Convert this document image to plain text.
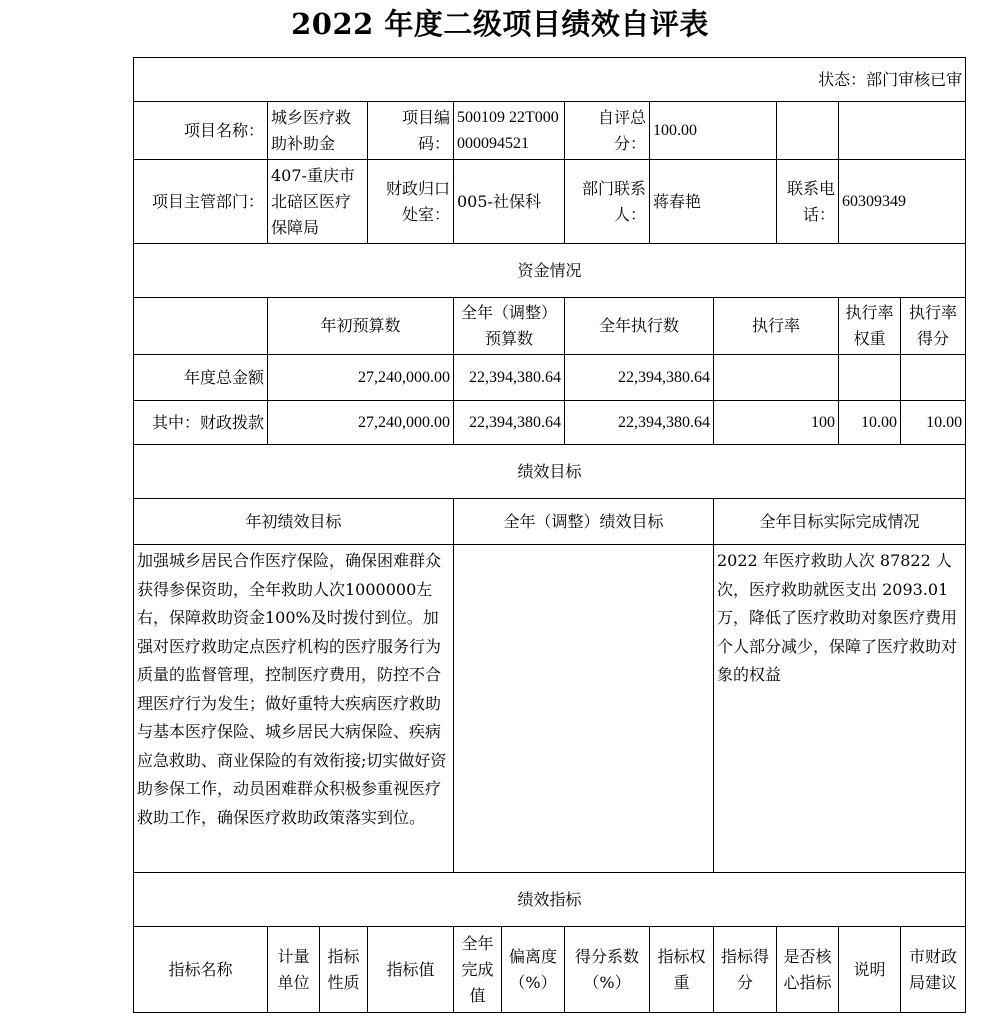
2022 年度二级项目绩效自评表
状态：部门审核已审											
项目名称：	城乡医疗救助补助金		项目编码：	500109 22T000000094521		自评总分：	100.00				
项目主管部门：	407-重庆市北碚区医疗保障局		财政归口处室：	005-社保科		部门联系人：	蒋春艳		联系电话：	60309349	
资金情况											
	年初预算数			全年（调整）预算数		全年执行数		执行率		执行率权重	执行率得分
年度总金额	27,240,000.00			22,394,380.64		22,394,380.64					
其中：财政拨款	27,240,000.00			22,394,380.64		22,394,380.64		100		10.00	10.00
绩效目标											
年初绩效目标				全年（调整）绩效目标				全年目标实际完成情况			
加强城乡居民合作医疗保险，确保困难群众获得参保资助，全年救助人次1000000左右，保障救助资金100%及时拨付到位。加强对医疗救助定点医疗机构的医疗服务行为质量的监督管理，控制医疗费用，防控不合理医疗行为发生；做好重特大疾病医疗救助与基本医疗保险、城乡居民大病保险、疾病应急救助、商业保险的有效衔接;切实做好资助参保工作，动员困难群众积极参重视医疗救助工作，确保医疗救助政策落实到位。								2022 年医疗救助人次 87822 人次，医疗救助就医支出 2093.01 万，降低了医疗救助对象医疗费用个人部分减少，保障了医疗救助对象的权益			
绩效指标											
指标名称	计量单位	指标性质	指标值	全年完成值	偏离度（%）	得分系数（%）	指标权重	指标得分	是否核心指标	说明	市财政局建议
